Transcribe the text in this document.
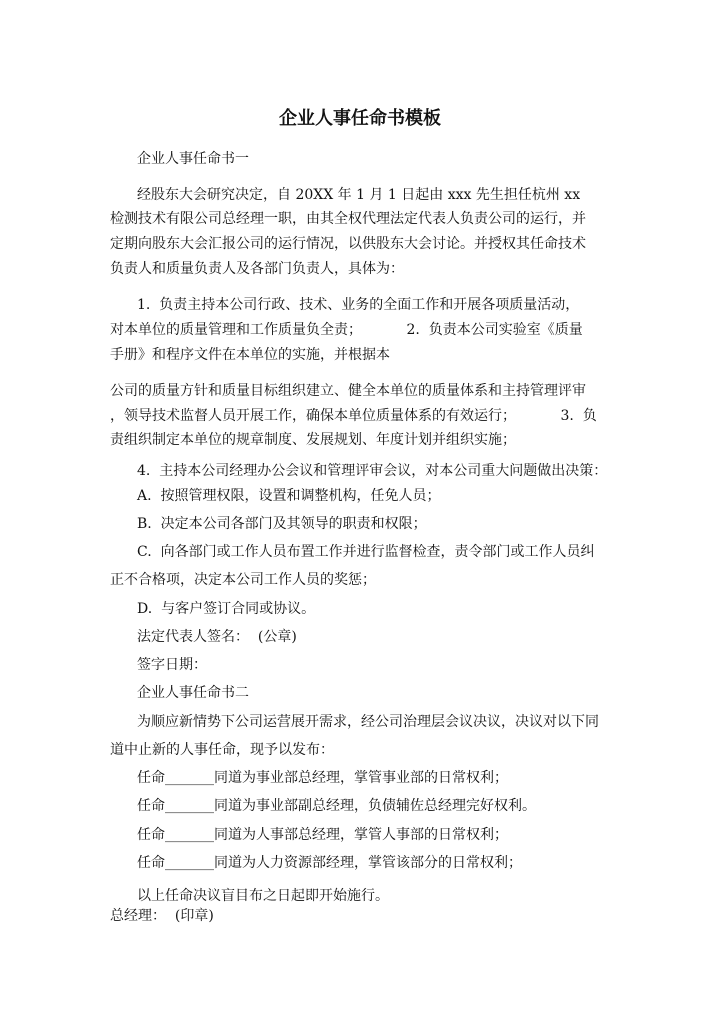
企业人事任命书模板
企业人事任命书一
经股东大会研究决定，自 20XX 年 1 月 1 日起由 xxx 先生担任杭州 xx
检测技术有限公司总经理一职，由其全权代理法定代表人负责公司的运行，并
定期向股东大会汇报公司的运行情况，以供股东大会讨论。并授权其任命技术
负责人和质量负责人及各部门负责人，具体为：
1.  负责主持本公司行政、技术、业务的全面工作和开展各项质量活动，
对本单位的质量管理和工作质量负全责；          2.  负责本公司实验室《质量
手册》和程序文件在本单位的实施，并根据本
公司的质量方针和质量目标组织建立、健全本单位的质量体系和主持管理评审
，领导技术监督人员开展工作，确保本单位质量体系的有效运行；          3.  负
责组织制定本单位的规章制度、发展规划、年度计划并组织实施；
4.  主持本公司经理办公会议和管理评审会议，对本公司重大问题做出决策：
A.  按照管理权限，设置和调整机构，任免人员；
B.  决定本公司各部门及其领导的职责和权限；
C.  向各部门或工作人员布置工作并进行监督检查，责令部门或工作人员纠
正不合格项，决定本公司工作人员的奖惩；
D.  与客户签订合同或协议。
法定代表人签名：  (公章)
签字日期：
企业人事任命书二
为顺应新情势下公司运营展开需求，经公司治理层会议决议，决议对以下同
道中止新的人事任命，现予以发布：
任命_______同道为事业部总经理，掌管事业部的日常权利；
任命_______同道为事业部副总经理，负债辅佐总经理完好权利。
任命_______同道为人事部总经理，掌管人事部的日常权利；
任命_______同道为人力资源部经理，掌管该部分的日常权利；
以上任命决议盲目布之日起即开始施行。
总经理：  (印章)
